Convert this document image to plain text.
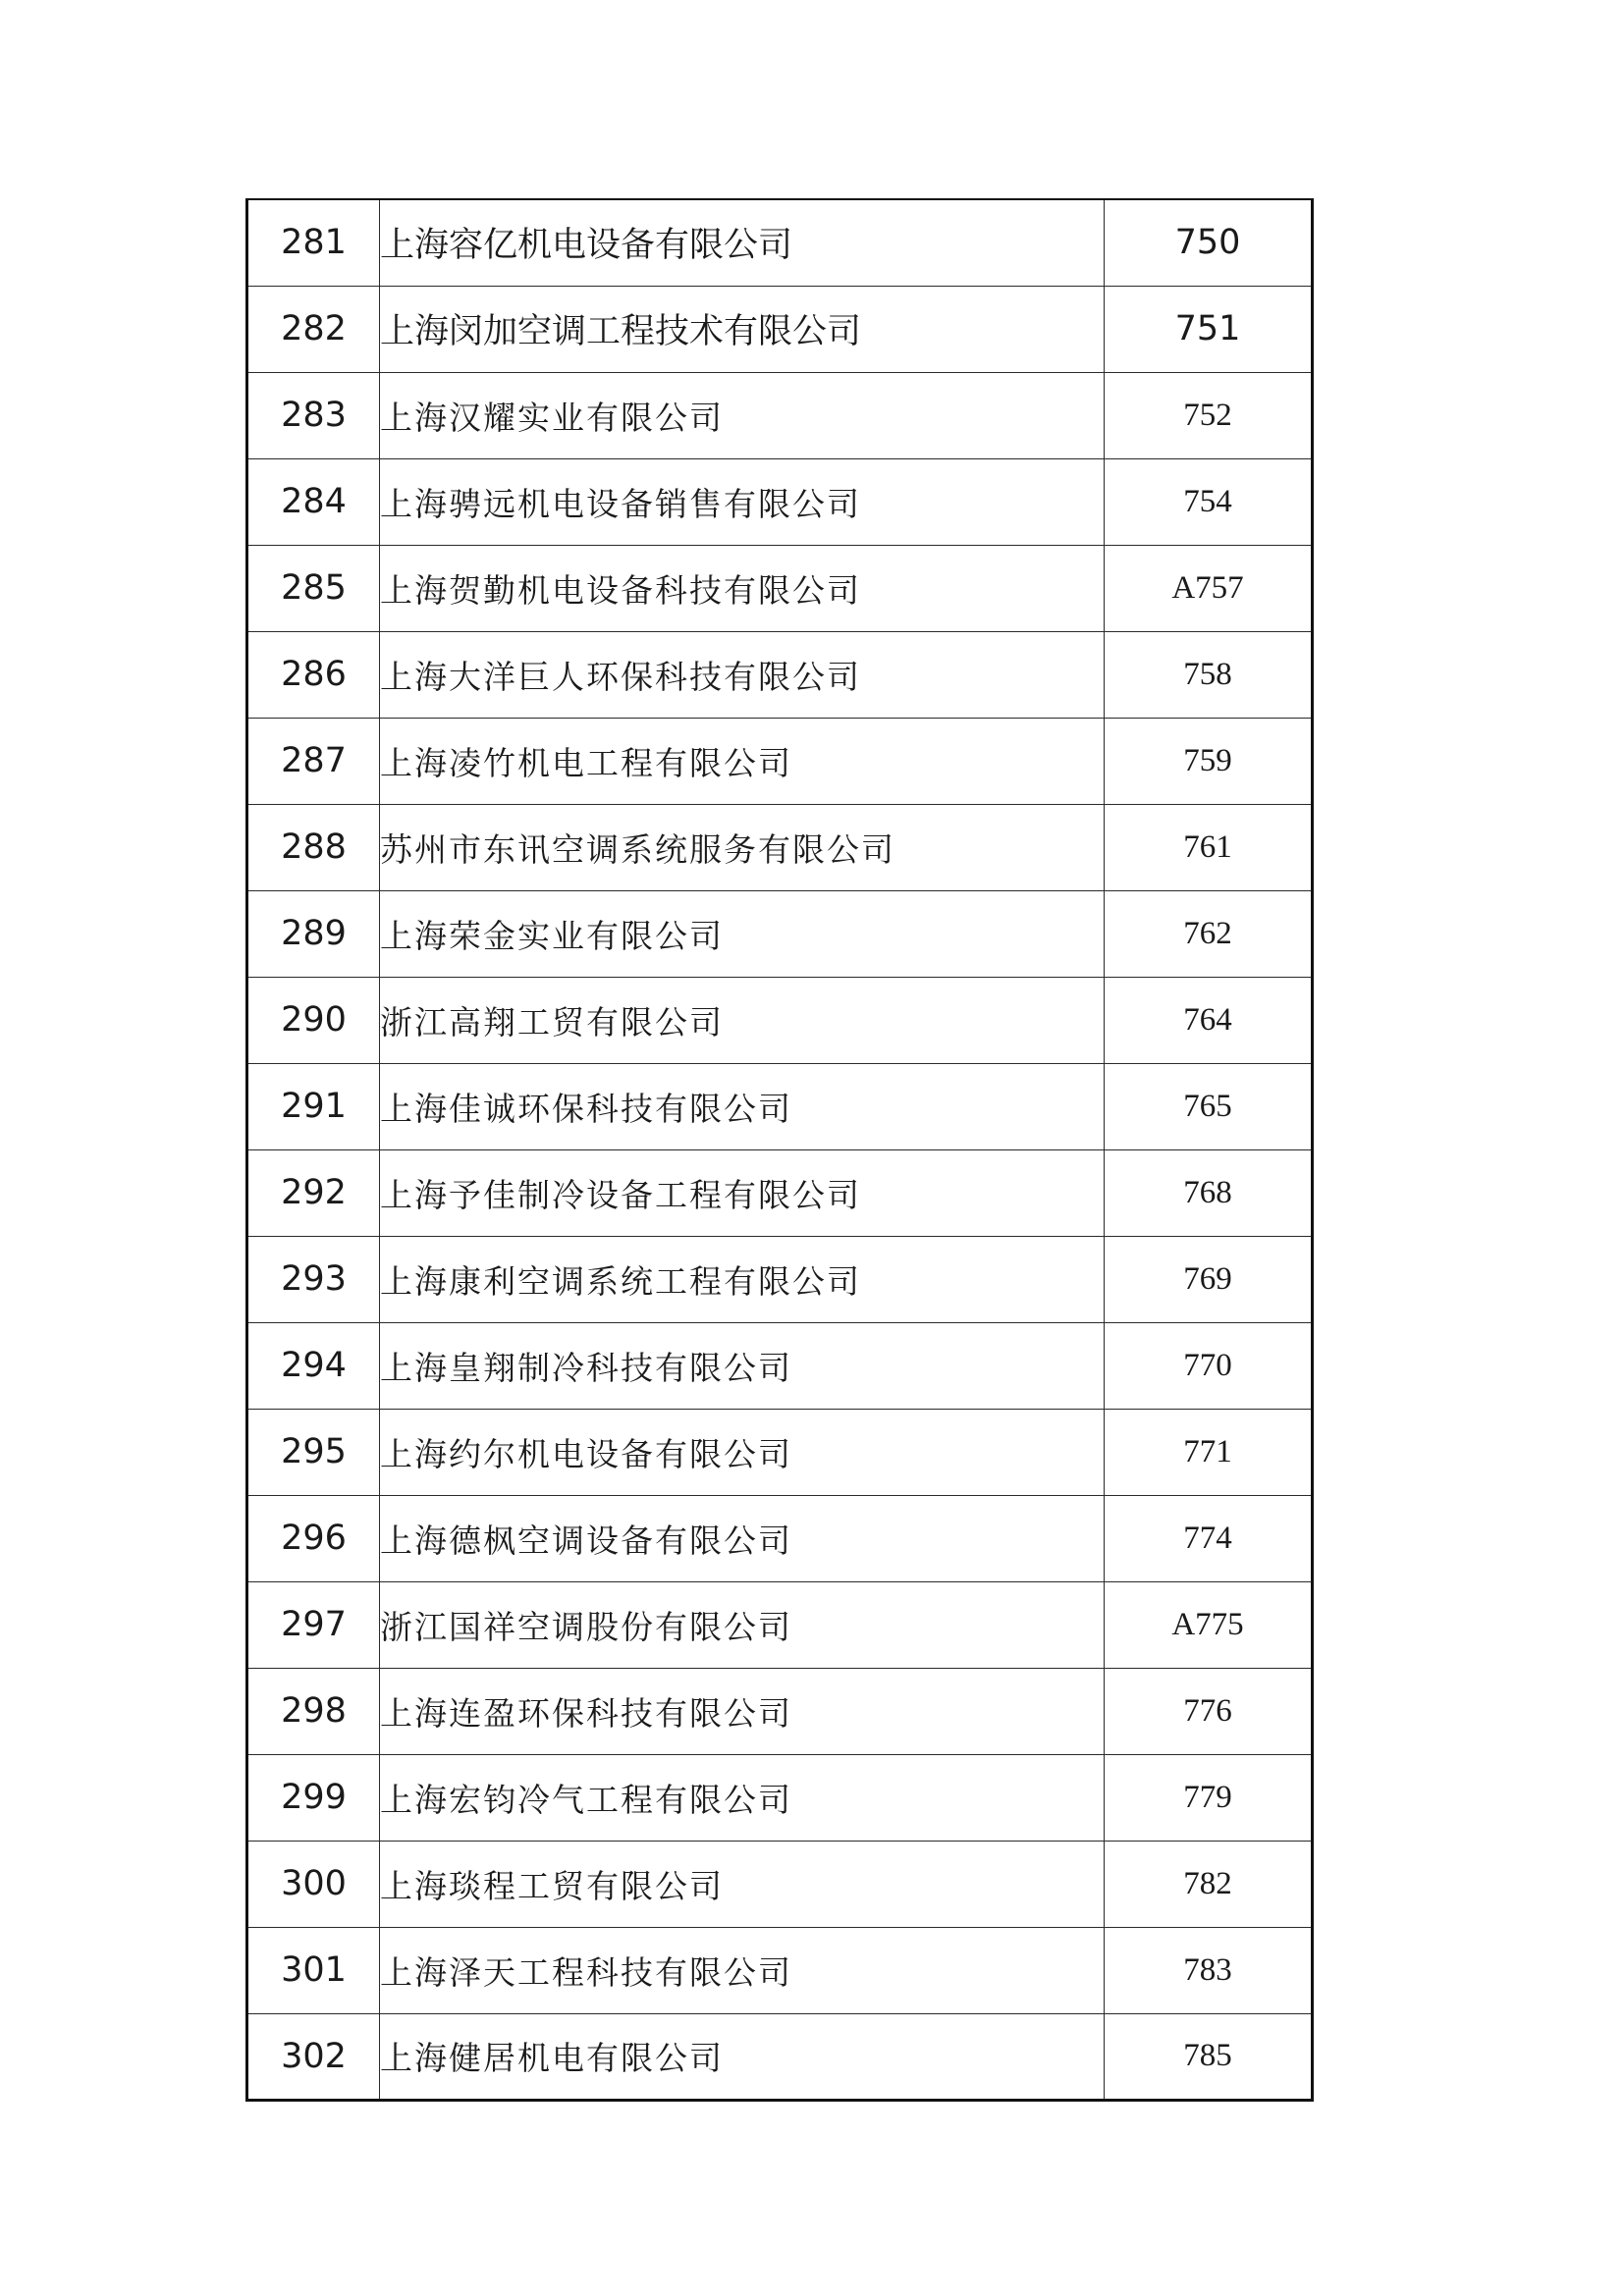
281	上海容亿机电设备有限公司	750
282	上海闵加空调工程技术有限公司	751
283	上海汉耀实业有限公司	752
284	上海骋远机电设备销售有限公司	754
285	上海贺勤机电设备科技有限公司	A757
286	上海大洋巨人环保科技有限公司	758
287	上海凌竹机电工程有限公司	759
288	苏州市东讯空调系统服务有限公司	761
289	上海荣金实业有限公司	762
290	浙江高翔工贸有限公司	764
291	上海佳诚环保科技有限公司	765
292	上海予佳制冷设备工程有限公司	768
293	上海康利空调系统工程有限公司	769
294	上海皇翔制冷科技有限公司	770
295	上海约尔机电设备有限公司	771
296	上海德枫空调设备有限公司	774
297	浙江国祥空调股份有限公司	A775
298	上海连盈环保科技有限公司	776
299	上海宏钧冷气工程有限公司	779
300	上海琰程工贸有限公司	782
301	上海泽天工程科技有限公司	783
302	上海健居机电有限公司	785
